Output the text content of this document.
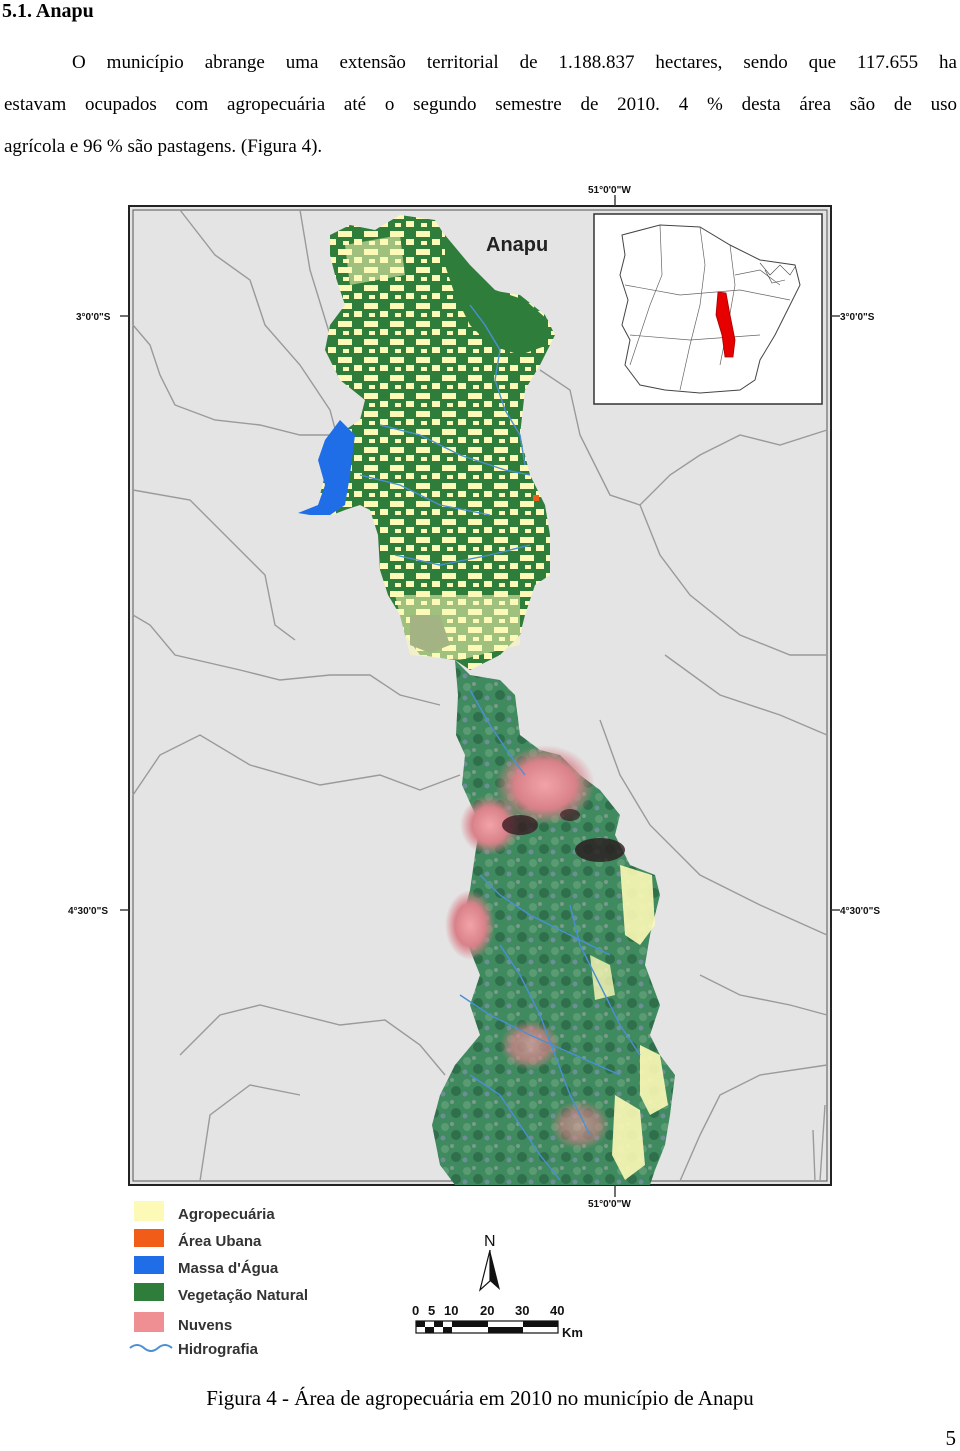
5.1. Anapu
O município abrange uma extensão territorial de 1.188.837 hectares, sendo que 117.655 ha
estavam ocupados com agropecuária até o segundo semestre de 2010. 4 % desta área são de uso
agrícola e 96 % são pastagens. (Figura 4).
51°0'0"W
51°0'0"W
3°0'0"S	3°0'0"S
4°30'0"S	4°30'0"S
Anapu
Agropecuária
Área Ubana
Massa d'Água
Vegetação Natural
Nuvens
Hidrografia
N
0 5 10 20 30 40
Km
Figura 4 - Área de agropecuária em 2010 no município de Anapu
5
